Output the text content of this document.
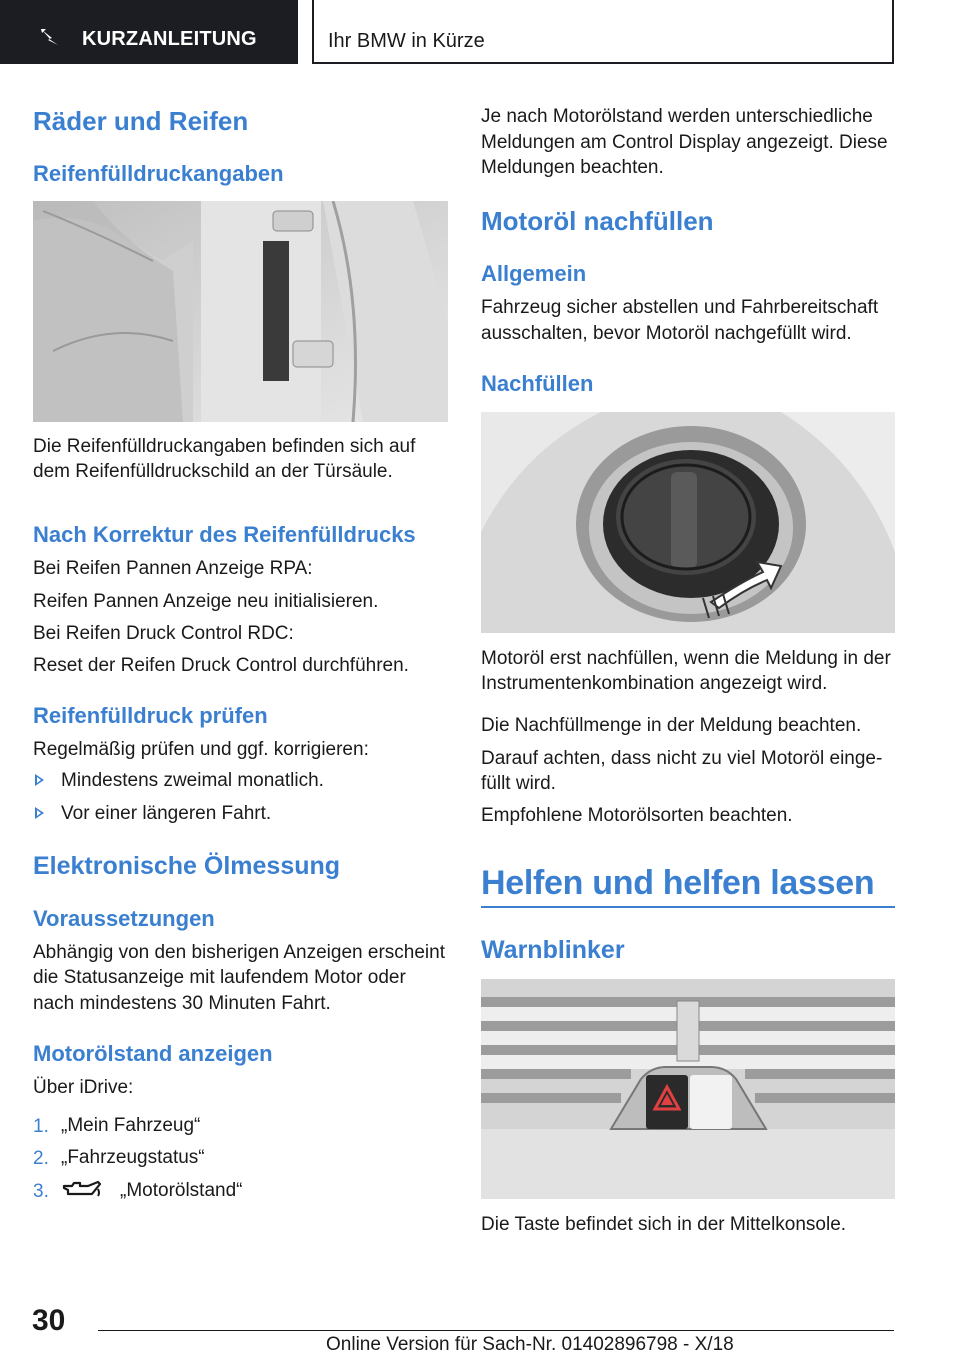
KURZANLEITUNG	Ihr BMW in Kürze
Räder und Reifen
Reifenfülldruckangaben
Die Reifenfülldruckangaben befinden sich auf
dem Reifenfülldruckschild an der Türsäule.
Nach Korrektur des Reifenfülldrucks
Bei Reifen Pannen Anzeige RPA:
Reifen Pannen Anzeige neu initialisieren.
Bei Reifen Druck Control RDC:
Reset der Reifen Druck Control durchführen.
Reifenfülldruck prüfen
Regelmäßig prüfen und ggf. korrigieren:
Mindestens zweimal monatlich.
Vor einer längeren Fahrt.
Elektronische Ölmessung
Voraussetzungen
Abhängig von den bisherigen Anzeigen erscheint
die Statusanzeige mit laufendem Motor oder
nach mindestens 30 Minuten Fahrt.
Motorölstand anzeigen
Über iDrive:
1. „Mein Fahrzeug“
2. „Fahrzeugstatus“
3.	„Motorölstand“
Je nach Motorölstand werden unterschiedliche
Meldungen am Control Display angezeigt. Diese
Meldungen beachten.
Motoröl nachfüllen
Allgemein
Fahrzeug sicher abstellen und Fahrbereitschaft
ausschalten, bevor Motoröl nachgefüllt wird.
Nachfüllen
Motoröl erst nachfüllen, wenn die Meldung in der
Instrumentenkombination angezeigt wird.
Die Nachfüllmenge in der Meldung beachten.
Darauf achten, dass nicht zu viel Motoröl einge‐
füllt wird.
Empfohlene Motorölsorten beachten.
Helfen und helfen lassen
Warnblinker
Die Taste befindet sich in der Mittelkonsole.
30
Online Version für Sach-Nr. 01402896798 - X/18
